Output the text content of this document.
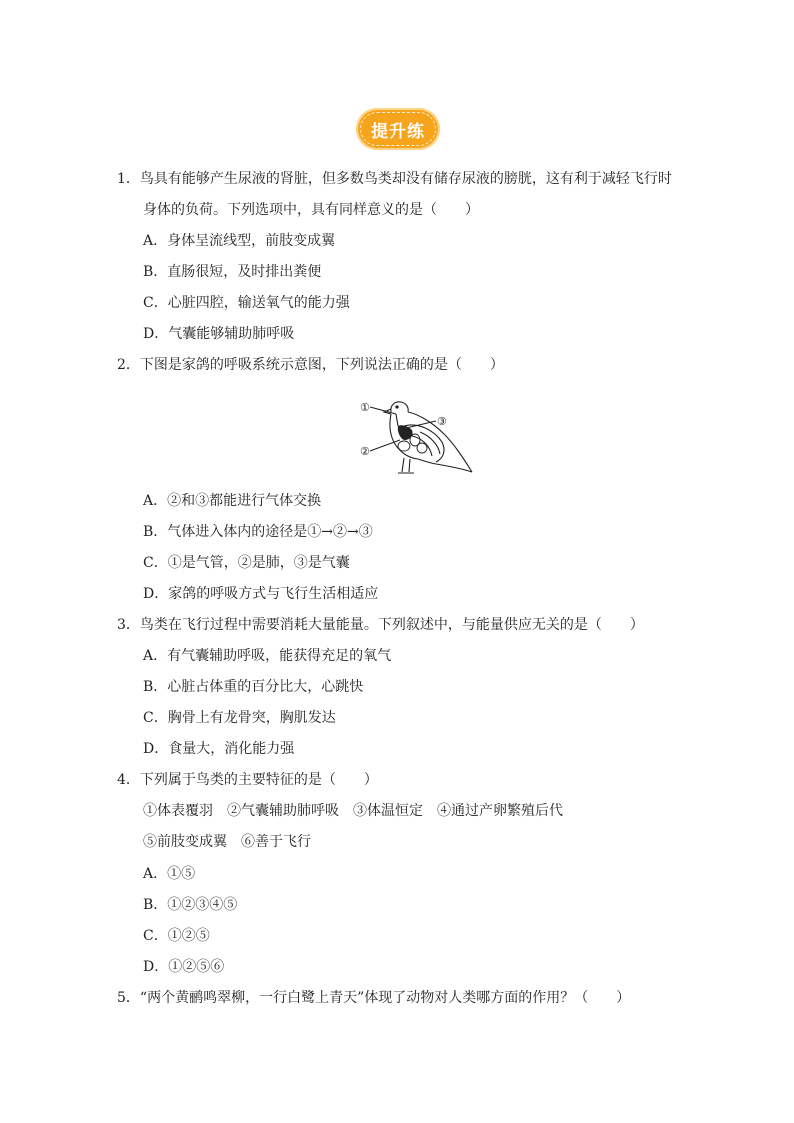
提升练
1．鸟具有能够产生尿液的肾脏，但多数鸟类却没有储存尿液的膀胱，这有利于减轻飞行时
身体的负荷。下列选项中，具有同样意义的是（　　）
A．身体呈流线型，前肢变成翼
B．直肠很短，及时排出粪便
C．心脏四腔，输送氧气的能力强
D．气囊能够辅助肺呼吸
2．下图是家鸽的呼吸系统示意图，下列说法正确的是（　　）
①
②
③
A．②和③都能进行气体交换
B．气体进入体内的途径是①→②→③
C．①是气管，②是肺，③是气囊
D．家鸽的呼吸方式与飞行生活相适应
3．鸟类在飞行过程中需要消耗大量能量。下列叙述中，与能量供应无关的是（　　）
A．有气囊辅助呼吸，能获得充足的氧气
B．心脏占体重的百分比大，心跳快
C．胸骨上有龙骨突，胸肌发达
D．食量大，消化能力强
4．下列属于鸟类的主要特征的是（　　）
①体表覆羽　②气囊辅助肺呼吸　③体温恒定　④通过产卵繁殖后代
⑤前肢变成翼　⑥善于飞行
A．①⑤
B．①②③④⑤
C．①②⑤
D．①②⑤⑥
5．“两个黄鹂鸣翠柳，一行白鹭上青天”体现了动物对人类哪方面的作用？（　　）
